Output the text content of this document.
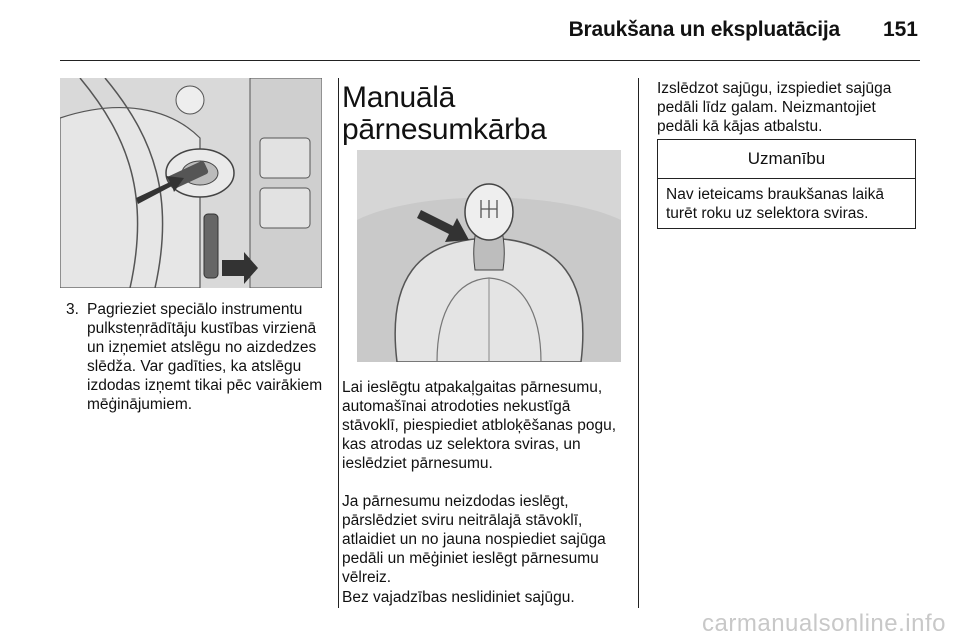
Braukšana un ekspluatācija 151
3. Pagrieziet speciālo instrumentu pulksteņrādītāju kustības virzienā un izņemiet atslēgu no aizdedzes slēdža. Var gadīties, ka atslēgu izdodas izņemt tikai pēc vairākiem mēģinājumiem.
Manuālā pārnesumkārba

Lai ieslēgtu atpakaļgaitas pārnesumu, automašīnai atrodoties nekustīgā stāvoklī, piespiediet atbloķēšanas pogu, kas atrodas uz selektora sviras, un ieslēdziet pārnesumu.

Ja pārnesumu neizdodas ieslēgt, pārslēdziet sviru neitrālajā stāvoklī, atlaidiet un no jauna nospiediet sajūga pedāli un mēģiniet ieslēgt pārnesumu vēlreiz.

Bez vajadzības neslidiniet sajūgu.

Izslēdzot sajūgu, izspiediet sajūga pedāli līdz galam. Neizmantojiet pedāli kā kājas atbalstu.

Uzmanību
Nav ieteicams braukšanas laikā turēt roku uz selektora sviras.
carmanualsonline.info
